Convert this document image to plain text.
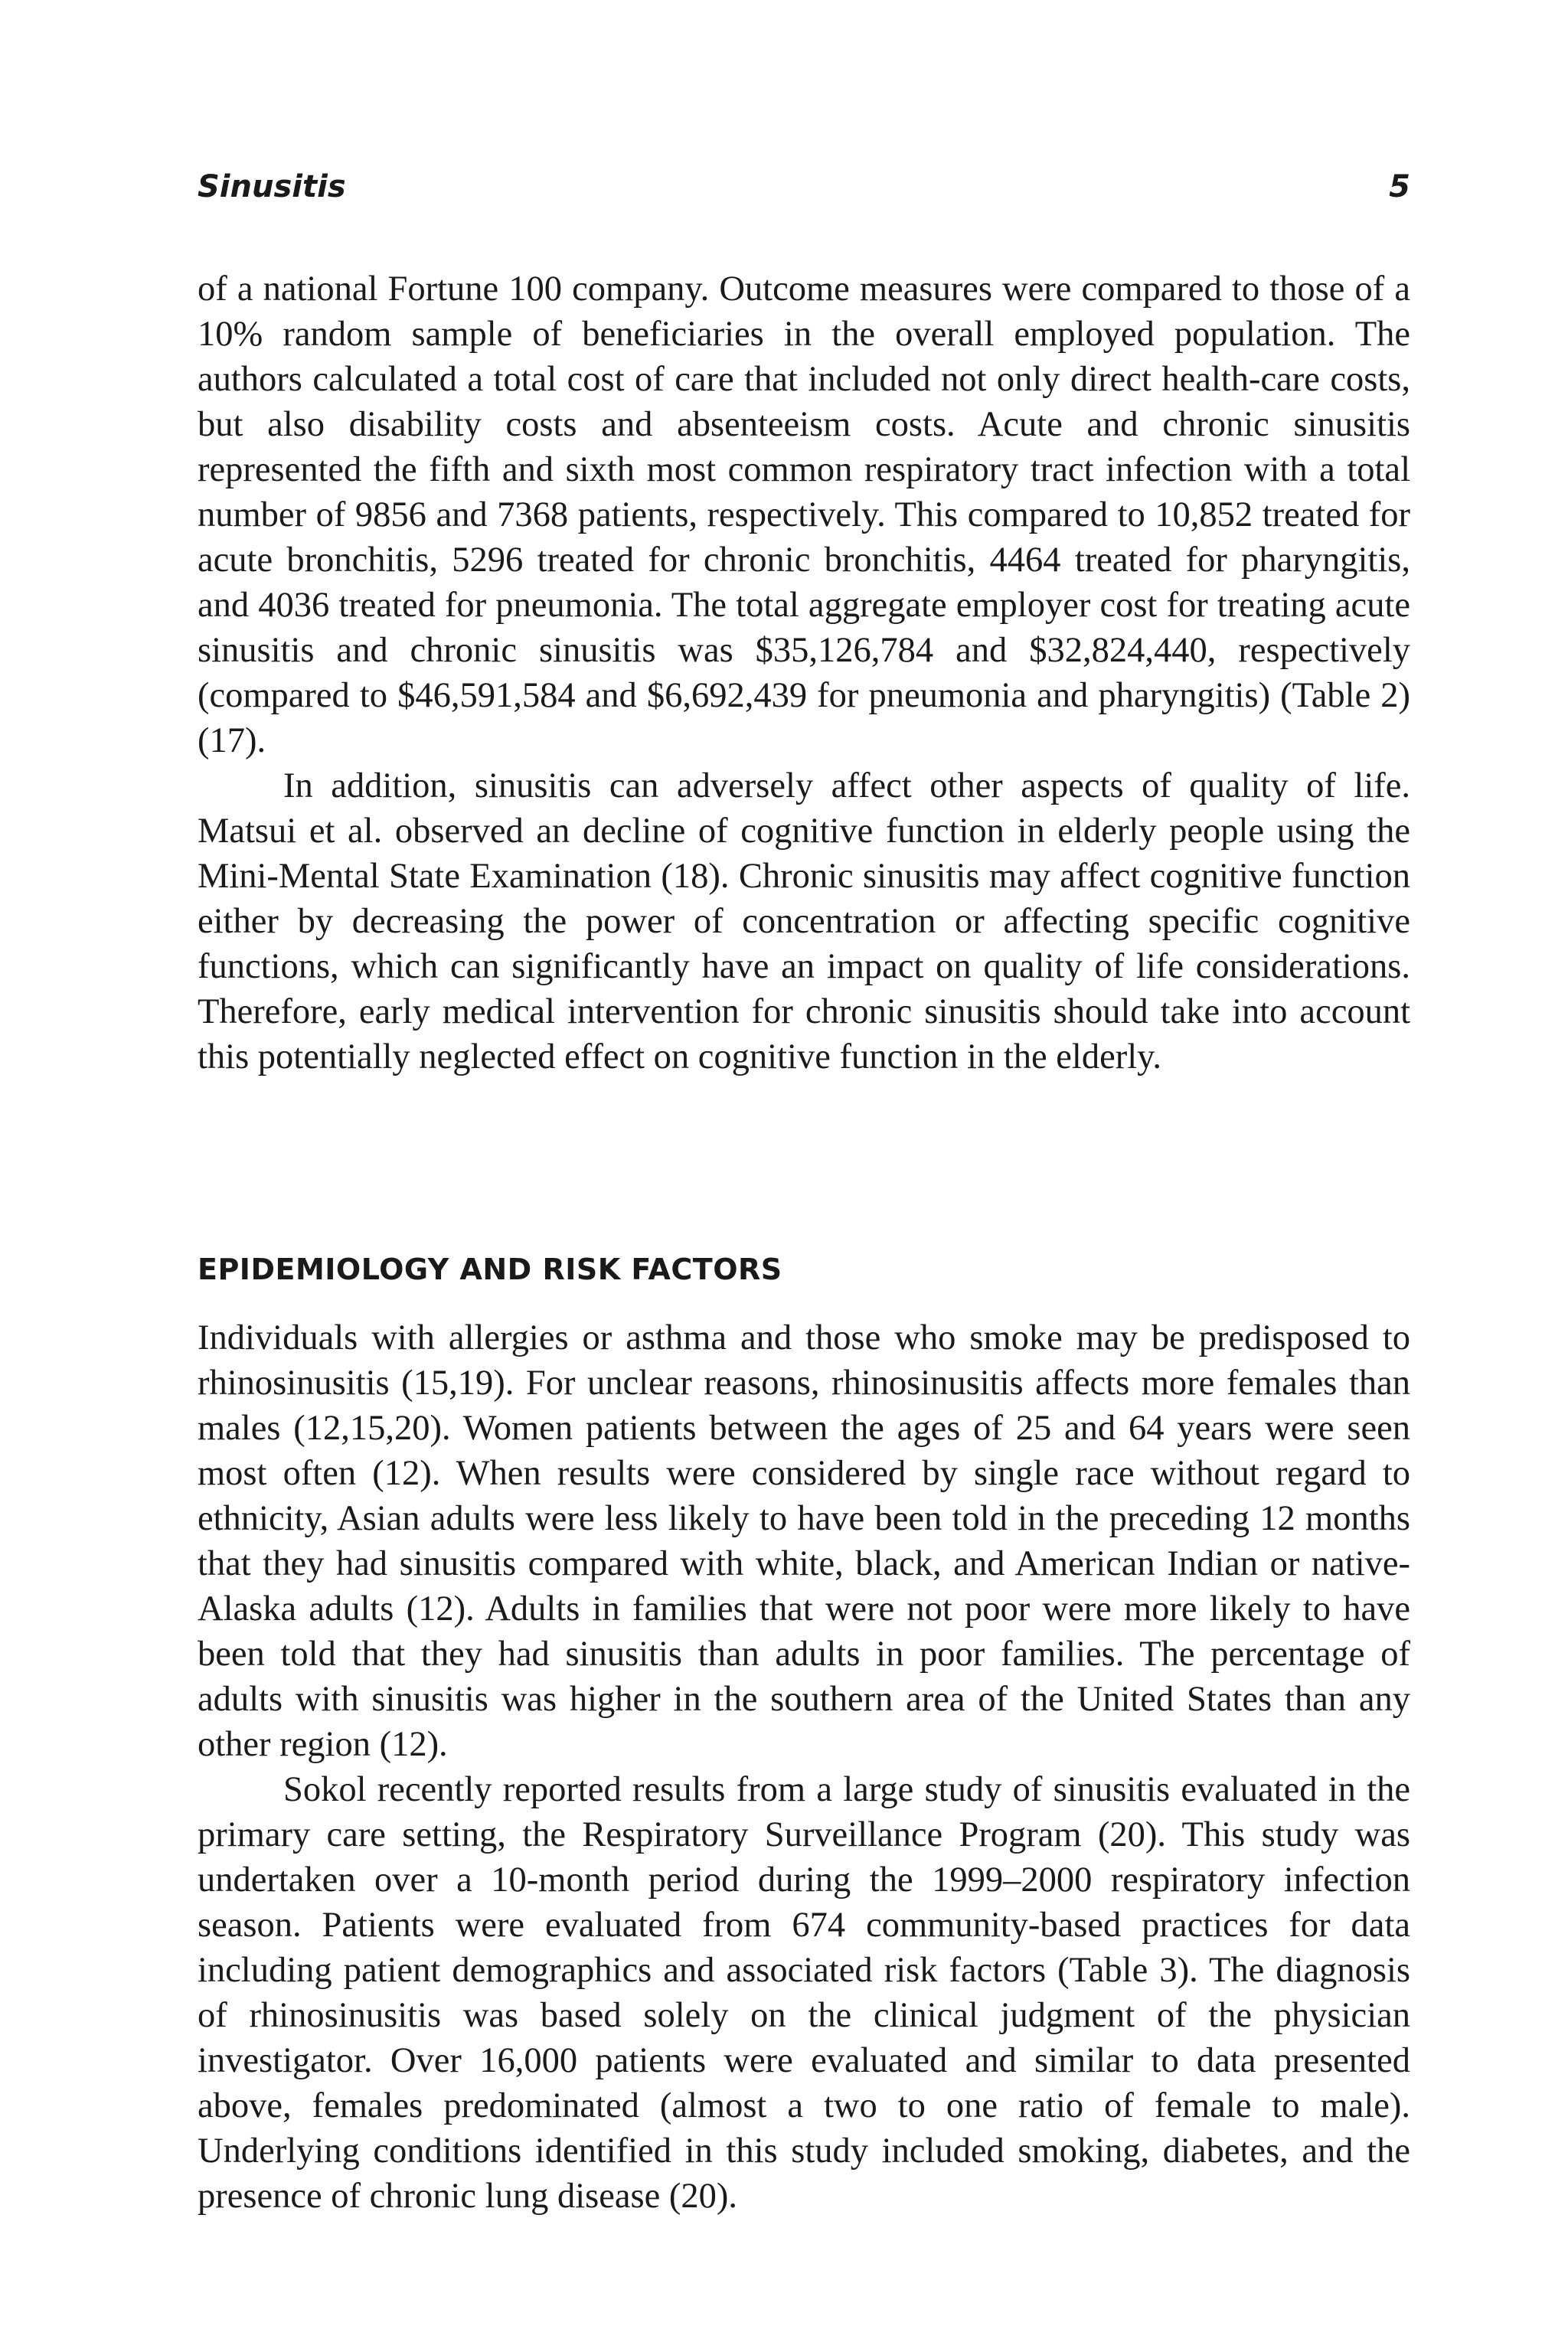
Sinusitis	5

of a national Fortune 100 company. Outcome measures were compared to those of a 10% random sample of beneficiaries in the overall employed population. The authors calculated a total cost of care that included not only direct health-care costs, but also disability costs and absenteeism costs. Acute and chronic sinusitis represented the fifth and sixth most common respiratory tract infection with a total number of 9856 and 7368 patients, respectively. This compared to 10,852 treated for acute bronchitis, 5296 treated for chronic bronchitis, 4464 treated for pharyngitis, and 4036 treated for pneumonia. The total aggregate employer cost for treating acute sinusitis and chronic sinusitis was $35,126,784 and $32,824,440, respectively (compared to $46,591,584 and $6,692,439 for pneumonia and pharyngitis) (Table 2) (17).

In addition, sinusitis can adversely affect other aspects of quality of life. Matsui et al. observed an decline of cognitive function in elderly people using the Mini-Mental State Examination (18). Chronic sinusitis may affect cognitive function either by decreasing the power of concentration or affecting specific cognitive functions, which can significantly have an impact on quality of life considerations. Therefore, early medical intervention for chronic sinusitis should take into account this potentially neglected effect on cognitive function in the elderly.

EPIDEMIOLOGY AND RISK FACTORS

Individuals with allergies or asthma and those who smoke may be predisposed to rhinosinusitis (15,19). For unclear reasons, rhinosinusitis affects more females than males (12,15,20). Women patients between the ages of 25 and 64 years were seen most often (12). When results were considered by single race without regard to ethnicity, Asian adults were less likely to have been told in the preceding 12 months that they had sinusitis compared with white, black, and American Indian or native-Alaska adults (12). Adults in families that were not poor were more likely to have been told that they had sinusitis than adults in poor families. The percentage of adults with sinusitis was higher in the southern area of the United States than any other region (12).

Sokol recently reported results from a large study of sinusitis evaluated in the primary care setting, the Respiratory Surveillance Program (20). This study was undertaken over a 10-month period during the 1999–2000 respiratory infection season. Patients were evaluated from 674 community-based practices for data including patient demographics and associated risk factors (Table 3). The diagnosis of rhinosinusitis was based solely on the clinical judgment of the physician investigator. Over 16,000 patients were evaluated and similar to data presented above, females predominated (almost a two to one ratio of female to male). Underlying conditions identified in this study included smoking, diabetes, and the presence of chronic lung disease (20).
